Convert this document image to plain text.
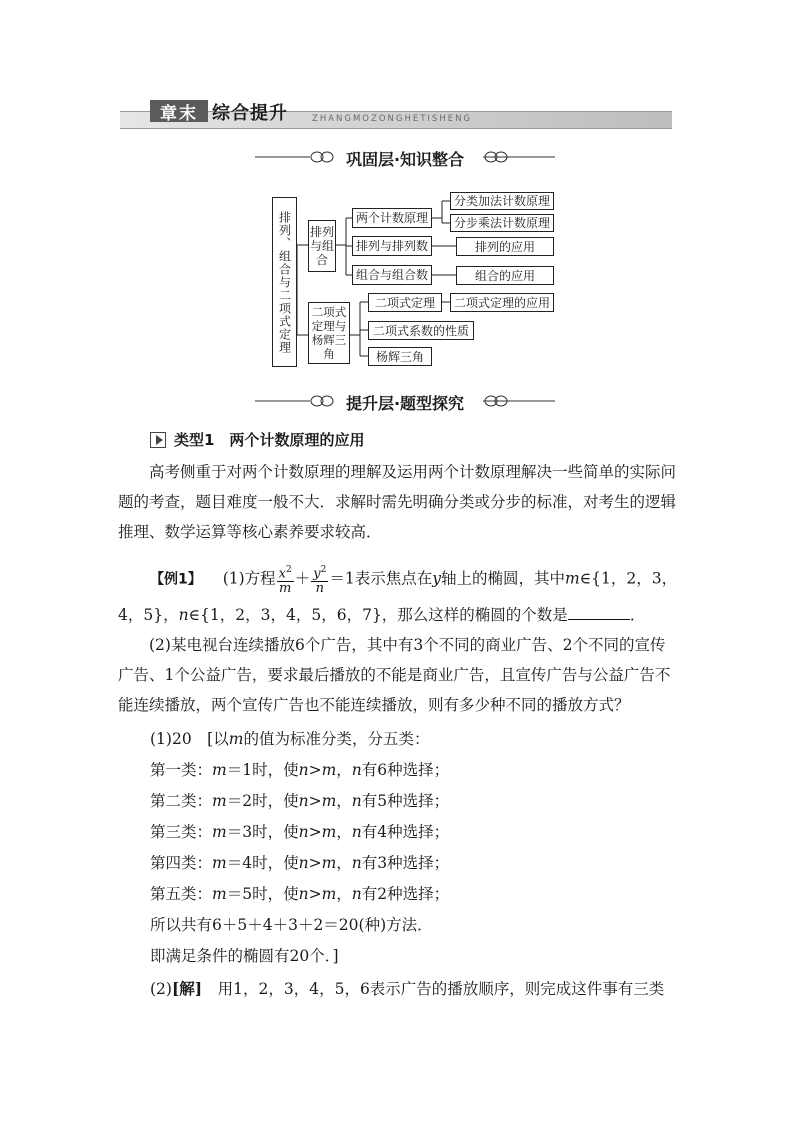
章末 综合提升	ZHANGMOZONGHETISHENG
巩固层·知识整合
排列、组合与二项式定理	排列与组合
二项式定理与杨辉三角
两个计数原理
排列与排列数
组合与组合数
分类加法计数原理
分步乘法计数原理
排列的应用
组合的应用
二项式定理
二项式系数的性质
杨辉三角
二项式定理的应用
提升层·题型探究
类型1　两个计数原理的应用
高考侧重于对两个计数原理的理解及运用两个计数原理解决一些简单的实际问题的考查，题目难度一般不大．求解时需先明确分类或分步的标准，对考生的逻辑推理、数学运算等核心素养要求较高．
【例1】 (1)方程 $\frac{x^2}{m} + \frac{y^2}{n} =1$表示焦点在y轴上的椭圆，其中m∈{1，2，3，
4，5}，n∈{1，2，3，4，5，6，7}，那么这样的椭圆的个数是	．
(2)某电视台连续播放6个广告，其中有3个不同的商业广告、2个不同的宣传广告、1个公益广告，要求最后播放的不能是商业广告，且宣传广告与公益广告不能连续播放，两个宣传广告也不能连续播放，则有多少种不同的播放方式？
(1)20　[以m的值为标准分类，分五类：
第一类：m＝1时，使n>m，n有6种选择；
第二类：m＝2时，使n>m，n有5种选择；
第三类：m＝3时，使n>m，n有4种选择；
第四类：m＝4时，使n>m，n有3种选择；
第五类：m＝5时，使n>m，n有2种选择；
所以共有6＋5＋4＋3＋2＝20(种)方法．
即满足条件的椭圆有20个．]
(2)[解]　用1，2，3，4，5，6表示广告的播放顺序，则完成这件事有三类
